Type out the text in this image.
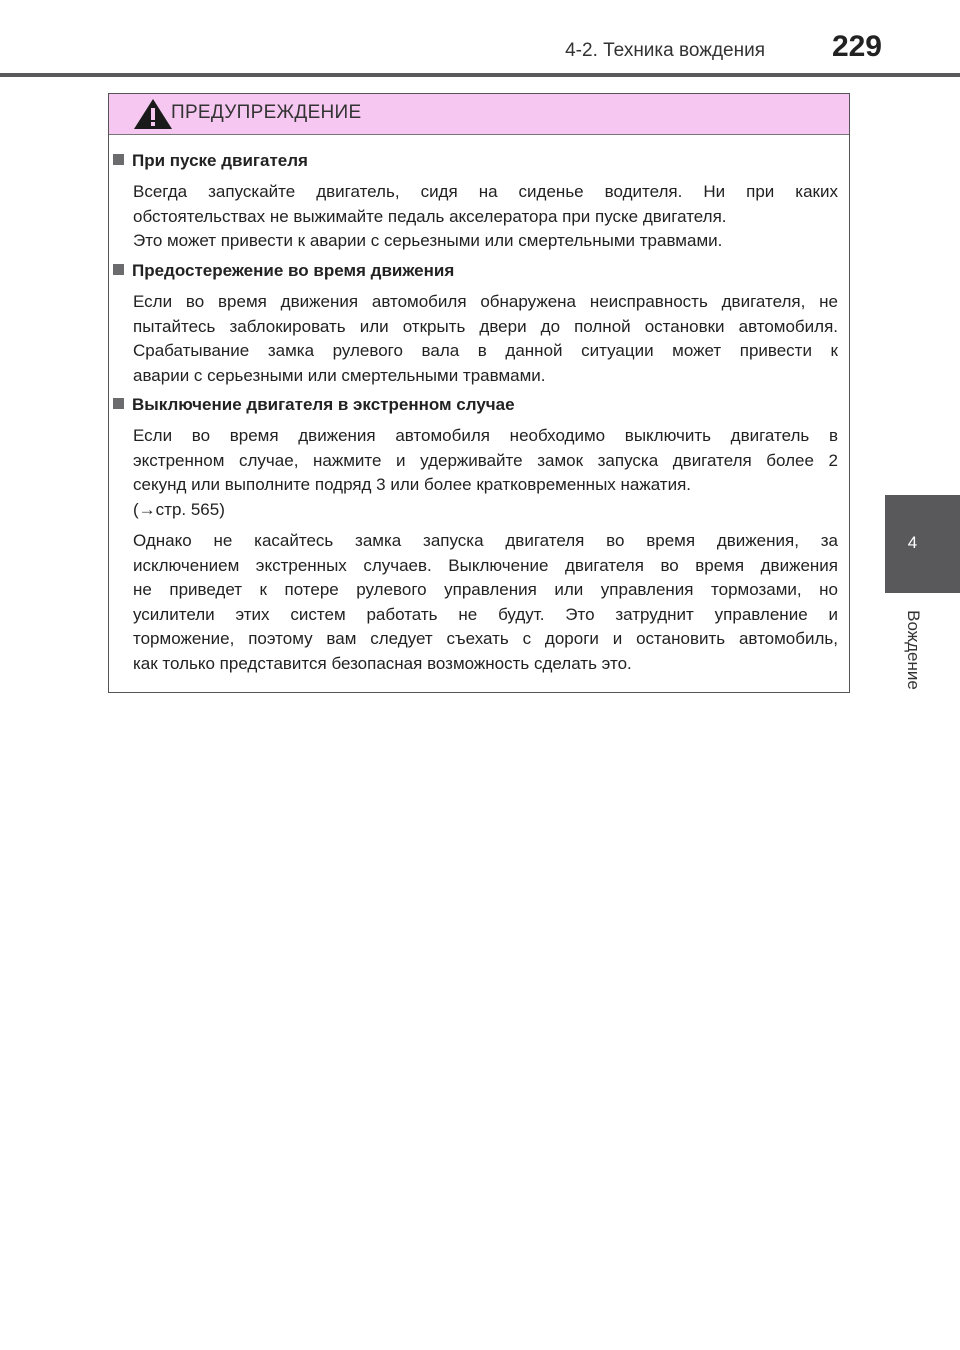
4-2. Техника вождения	229
4
Вождение
ПРЕДУПРЕЖДЕНИЕ
При пуске двигателя
Всегда запускайте двигатель, сидя на сиденье водителя. Ни при каких
обстоятельствах не выжимайте педаль акселератора при пуске двигателя.
Это может привести к аварии с серьезными или смертельными травмами.
Предостережение во время движения
Если во время движения автомобиля обнаружена неисправность двигателя, не
пытайтесь заблокировать или открыть двери до полной остановки автомобиля.
Срабатывание замка рулевого вала в данной ситуации может привести к
аварии с серьезными или смертельными травмами.
Выключение двигателя в экстренном случае
Если во время движения автомобиля необходимо выключить двигатель в
экстренном случае, нажмите и удерживайте замок запуска двигателя более 2
секунд или выполните подряд 3 или более кратковременных нажатия.
(→стр. 565)
Однако не касайтесь замка запуска двигателя во время движения, за
исключением экстренных случаев. Выключение двигателя во время движения
не приведет к потере рулевого управления или управления тормозами, но
усилители этих систем работать не будут. Это затруднит управление и
торможение, поэтому вам следует съехать с дороги и остановить автомобиль,
как только представится безопасная возможность сделать это.
